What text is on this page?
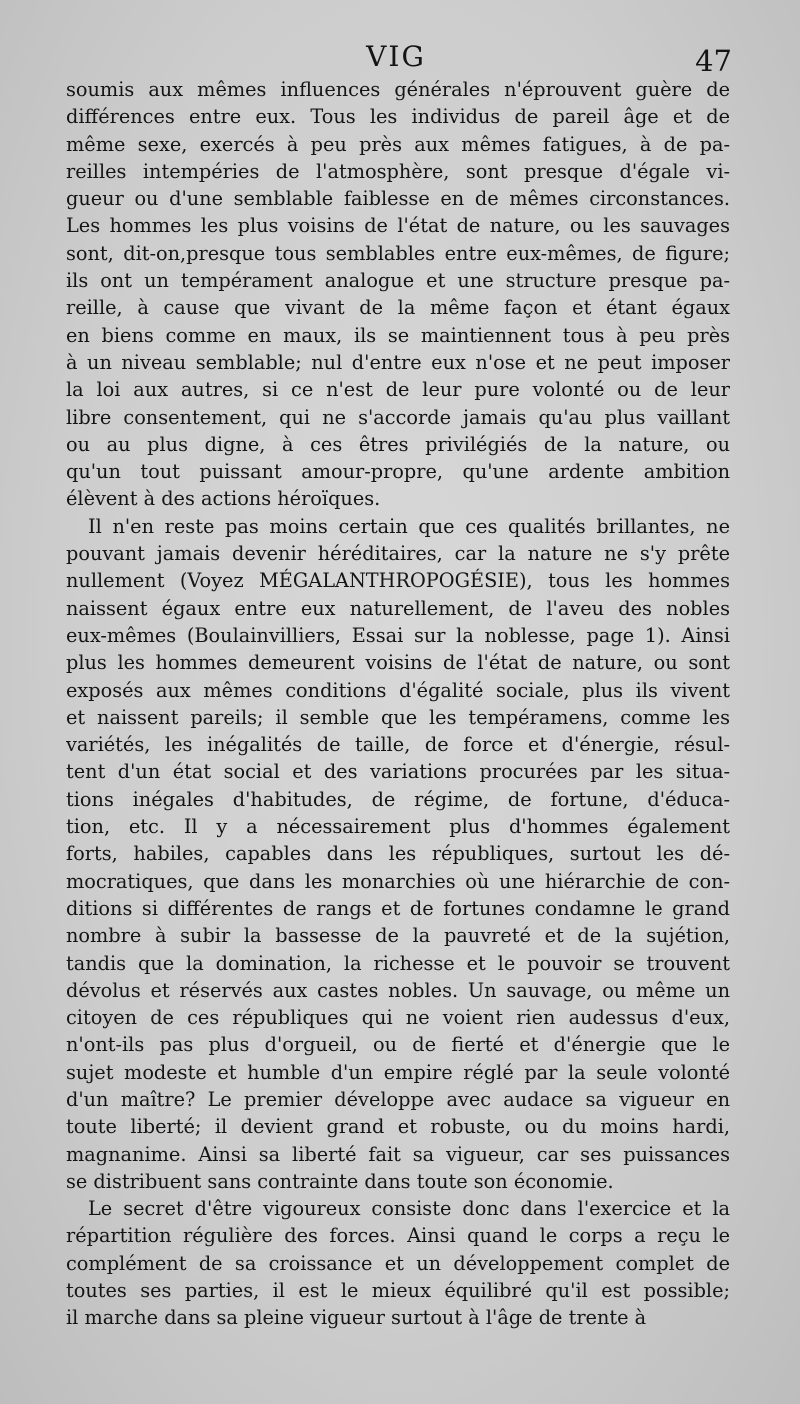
VIG	47
soumis aux mêmes influences générales n'éprouvent guère de
différences entre eux. Tous les individus de pareil âge et de
même sexe, exercés à peu près aux mêmes fatigues, à de pa-
reilles intempéries de l'atmosphère, sont presque d'égale vi-
gueur ou d'une semblable faiblesse en de mêmes circonstances.
Les hommes les plus voisins de l'état de nature, ou les sauvages
sont, dit-on,presque tous semblables entre eux-mêmes, de figure;
ils ont un tempérament analogue et une structure presque pa-
reille, à cause que vivant de la même façon et étant égaux
en biens comme en maux, ils se maintiennent tous à peu près
à un niveau semblable; nul d'entre eux n'ose et ne peut imposer
la loi aux autres, si ce n'est de leur pure volonté ou de leur
libre consentement, qui ne s'accorde jamais qu'au plus vaillant
ou au plus digne, à ces êtres privilégiés de la nature, ou
qu'un tout puissant amour-propre, qu'une ardente ambition
élèvent à des actions héroïques.
Il n'en reste pas moins certain que ces qualités brillantes, ne
pouvant jamais devenir héréditaires, car la nature ne s'y prête
nullement (Voyez MÉGALANTHROPOGÉSIE), tous les hommes
naissent égaux entre eux naturellement, de l'aveu des nobles
eux-mêmes (Boulainvilliers, Essai sur la noblesse, page 1). Ainsi
plus les hommes demeurent voisins de l'état de nature, ou sont
exposés aux mêmes conditions d'égalité sociale, plus ils vivent
et naissent pareils; il semble que les tempéramens, comme les
variétés, les inégalités de taille, de force et d'énergie, résul-
tent d'un état social et des variations procurées par les situa-
tions inégales d'habitudes, de régime, de fortune, d'éduca-
tion, etc. Il y a nécessairement plus d'hommes également
forts, habiles, capables dans les républiques, surtout les dé-
mocratiques, que dans les monarchies où une hiérarchie de con-
ditions si différentes de rangs et de fortunes condamne le grand
nombre à subir la bassesse de la pauvreté et de la sujétion,
tandis que la domination, la richesse et le pouvoir se trouvent
dévolus et réservés aux castes nobles. Un sauvage, ou même un
citoyen de ces républiques qui ne voient rien audessus d'eux,
n'ont-ils pas plus d'orgueil, ou de fierté et d'énergie que le
sujet modeste et humble d'un empire réglé par la seule volonté
d'un maître? Le premier développe avec audace sa vigueur en
toute liberté; il devient grand et robuste, ou du moins hardi,
magnanime. Ainsi sa liberté fait sa vigueur, car ses puissances
se distribuent sans contrainte dans toute son économie.
Le secret d'être vigoureux consiste donc dans l'exercice et la
répartition régulière des forces. Ainsi quand le corps a reçu le
complément de sa croissance et un développement complet de
toutes ses parties, il est le mieux équilibré qu'il est possible;
il marche dans sa pleine vigueur surtout à l'âge de trente à
